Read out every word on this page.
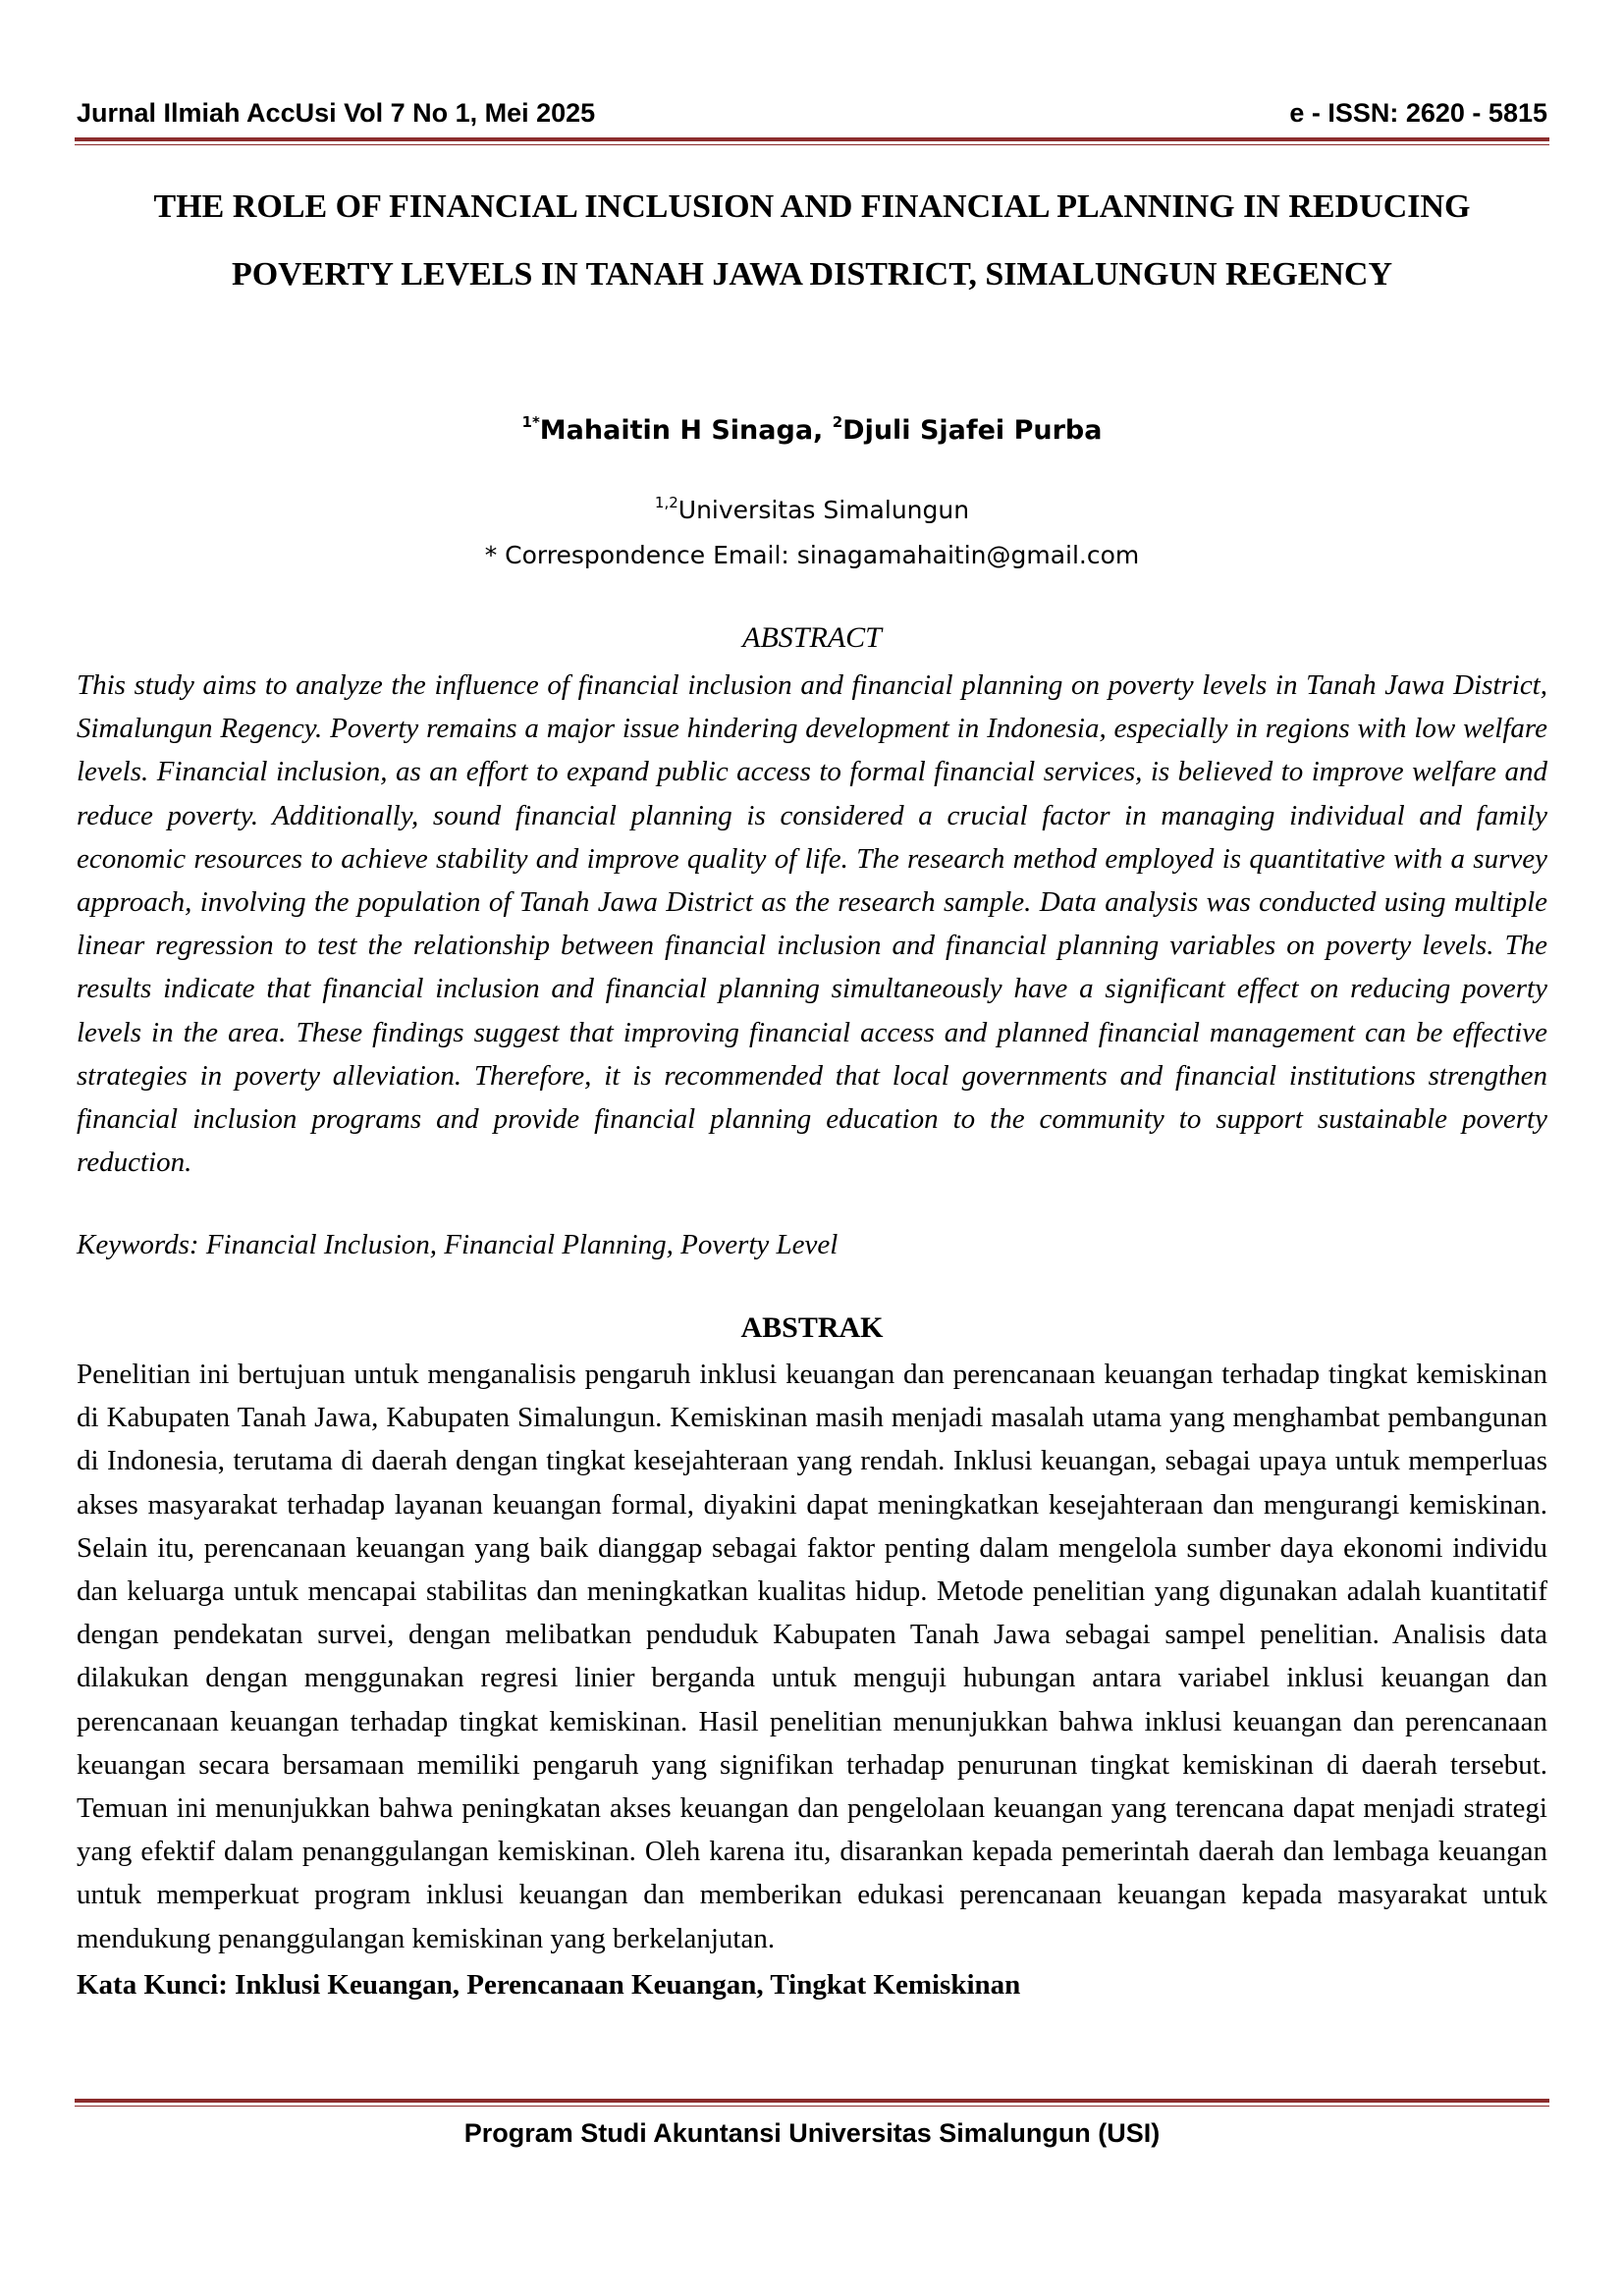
Jurnal Ilmiah AccUsi Vol 7 No 1, Mei 2025	e - ISSN: 2620 - 5815
THE ROLE OF FINANCIAL INCLUSION AND FINANCIAL PLANNING IN REDUCING POVERTY LEVELS IN TANAH JAWA DISTRICT, SIMALUNGUN REGENCY
$^{1*}$Mahaitin H Sinaga, $^2$Djuli Sjafei Purba
$^{1,2}$Universitas Simalungun
* Correspondence Email: sinagamahaitin@gmail.com
ABSTRACT

This study aims to analyze the influence of financial inclusion and financial planning on poverty levels in Tanah Jawa District, Simalungun Regency. Poverty remains a major issue hindering development in Indonesia, especially in regions with low welfare levels. Financial inclusion, as an effort to expand public access to formal financial services, is believed to improve welfare and reduce poverty. Additionally, sound financial planning is considered a crucial factor in managing individual and family economic resources to achieve stability and improve quality of life. The research method employed is quantitative with a survey approach, involving the population of Tanah Jawa District as the research sample. Data analysis was conducted using multiple linear regression to test the relationship between financial inclusion and financial planning variables on poverty levels. The results indicate that financial inclusion and financial planning simultaneously have a significant effect on reducing poverty levels in the area. These findings suggest that improving financial access and planned financial management can be effective strategies in poverty alleviation. Therefore, it is recommended that local governments and financial institutions strengthen financial inclusion programs and provide financial planning education to the community to support sustainable poverty reduction.

Keywords: Financial Inclusion, Financial Planning, Poverty Level
ABSTRAK

Penelitian ini bertujuan untuk menganalisis pengaruh inklusi keuangan dan perencanaan keuangan terhadap tingkat kemiskinan di Kabupaten Tanah Jawa, Kabupaten Simalungun. Kemiskinan masih menjadi masalah utama yang menghambat pembangunan di Indonesia, terutama di daerah dengan tingkat kesejahteraan yang rendah. Inklusi keuangan, sebagai upaya untuk memperluas akses masyarakat terhadap layanan keuangan formal, diyakini dapat meningkatkan kesejahteraan dan mengurangi kemiskinan. Selain itu, perencanaan keuangan yang baik dianggap sebagai faktor penting dalam mengelola sumber daya ekonomi individu dan keluarga untuk mencapai stabilitas dan meningkatkan kualitas hidup. Metode penelitian yang digunakan adalah kuantitatif dengan pendekatan survei, dengan melibatkan penduduk Kabupaten Tanah Jawa sebagai sampel penelitian. Analisis data dilakukan dengan menggunakan regresi linier berganda untuk menguji hubungan antara variabel inklusi keuangan dan perencanaan keuangan terhadap tingkat kemiskinan. Hasil penelitian menunjukkan bahwa inklusi keuangan dan perencanaan keuangan secara bersamaan memiliki pengaruh yang signifikan terhadap penurunan tingkat kemiskinan di daerah tersebut. Temuan ini menunjukkan bahwa peningkatan akses keuangan dan pengelolaan keuangan yang terencana dapat menjadi strategi yang efektif dalam penanggulangan kemiskinan. Oleh karena itu, disarankan kepada pemerintah daerah dan lembaga keuangan untuk memperkuat program inklusi keuangan dan memberikan edukasi perencanaan keuangan kepada masyarakat untuk mendukung penanggulangan kemiskinan yang berkelanjutan.

Kata Kunci: Inklusi Keuangan, Perencanaan Keuangan, Tingkat Kemiskinan
Program Studi Akuntansi Universitas Simalungun (USI)
